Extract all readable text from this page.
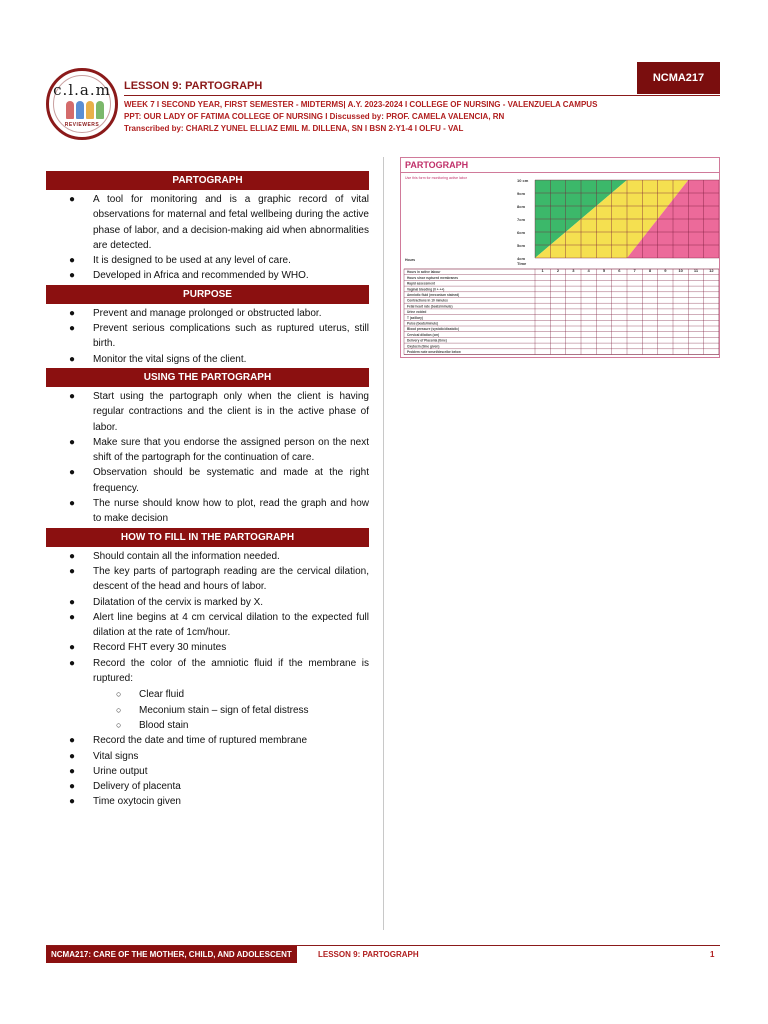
c.l.a.m
REVIEWERS
LESSON 9: PARTOGRAPH
NCMA217
WEEK 7 I SECOND YEAR, FIRST SEMESTER - MIDTERMS| A.Y. 2023-2024 I COLLEGE OF NURSING - VALENZUELA CAMPUS
PPT: OUR LADY OF FATIMA COLLEGE OF NURSING I Discussed by: PROF. CAMELA VALENCIA, RN
Transcribed by: CHARLZ YUNEL ELLIAZ EMIL M. DILLENA, SN I BSN 2-Y1-4 I OLFU - VAL
PARTOGRAPH
● A tool for monitoring and is a graphic record of vital observations for maternal and fetal wellbeing during the active phase of labor, and a decision-making aid when abnormalities are detected.
● It is designed to be used at any level of care.
● Developed in Africa and recommended by WHO.
PURPOSE
● Prevent and manage prolonged or obstructed labor.
● Prevent serious complications such as ruptured uterus, still birth.
● Monitor the vital signs of the client.
USING THE PARTOGRAPH
● Start using the partograph only when the client is having regular contractions and the client is in the active phase of labor.
● Make sure that you endorse the assigned person on the next shift of the partograph for the continuation of care.
● Observation should be systematic and made at the right frequency.
● The nurse should know how to plot, read the graph and how to make decision
HOW TO FILL IN THE PARTOGRAPH
● Should contain all the information needed.
● The key parts of partograph reading are the cervical dilation, descent of the head and hours of labor.
● Dilatation of the cervix is marked by X.
● Alert line begins at 4 cm cervical dilation to the expected full dilation at the rate of 1cm/hour.
● Record FHT every 30 minutes
● Record the color of the amniotic fluid if the membrane is ruptured:
○ Clear fluid
○ Meconium stain – sign of fetal distress
○ Blood stain
● Record the date and time of ruptured membrane
● Vital signs
● Urine output
● Delivery of placenta
● Time oxytocin given
PARTOGRAPH
Use this form for monitoring active labor	10 cm
9cm
8cm
7cm
6cm
5cm
4cm
Hours
Time
1	2	3	4	5	6	7	8	9	10	11	12
Hours in active labour
Hours since ruptured membranes
Rapid assessment
Vaginal bleeding (0 + ++)
Amniotic fluid (meconium stained)
Contractions in 10 minutes
Fetal heart rate (beats/minute)
Urine voided
T (axillary)
Pulse (beats/minute)
Blood pressure (systolic/diastolic)
Cervical dilation (cm)
Delivery of Placenta (time)
Oxytocin (time given)
Problem note onset/describe below
NCMA217: CARE OF THE MOTHER, CHILD, AND ADOLESCENT	LESSON 9: PARTOGRAPH	1
